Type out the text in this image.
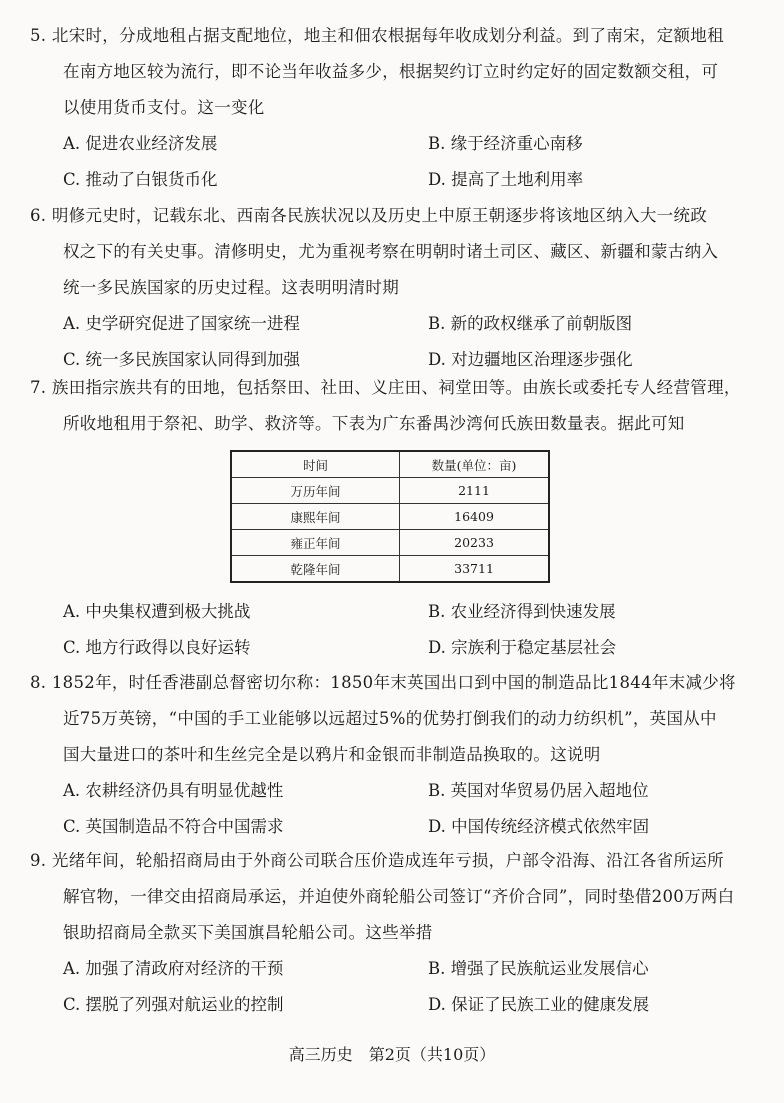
5. 北宋时，分成地租占据支配地位，地主和佃农根据每年收成划分利益。到了南宋，定额地租
在南方地区较为流行，即不论当年收益多少，根据契约订立时约定好的固定数额交租，可
以使用货币支付。这一变化
A. 促进农业经济发展	B. 缘于经济重心南移
C. 推动了白银货币化	D. 提高了土地利用率
6. 明修元史时，记载东北、西南各民族状况以及历史上中原王朝逐步将该地区纳入大一统政
权之下的有关史事。清修明史，尤为重视考察在明朝时诸土司区、藏区、新疆和蒙古纳入
统一多民族国家的历史过程。这表明明清时期
A. 史学研究促进了国家统一进程	B. 新的政权继承了前朝版图
C. 统一多民族国家认同得到加强	D. 对边疆地区治理逐步强化
7. 族田指宗族共有的田地，包括祭田、社田、义庄田、祠堂田等。由族长或委托专人经营管理，
所收地租用于祭祀、助学、救济等。下表为广东番禺沙湾何氏族田数量表。据此可知
时间	数量(单位：亩)
万历年间	2111
康熙年间	16409
雍正年间	20233
乾隆年间	33711
A. 中央集权遭到极大挑战	B. 农业经济得到快速发展
C. 地方行政得以良好运转	D. 宗族利于稳定基层社会
8. 1852年，时任香港副总督密切尔称：1850年末英国出口到中国的制造品比1844年末减少将
近75万英镑，“中国的手工业能够以远超过5%的优势打倒我们的动力纺织机”，英国从中
国大量进口的茶叶和生丝完全是以鸦片和金银而非制造品换取的。这说明
A. 农耕经济仍具有明显优越性	B. 英国对华贸易仍居入超地位
C. 英国制造品不符合中国需求	D. 中国传统经济模式依然牢固
9. 光绪年间，轮船招商局由于外商公司联合压价造成连年亏损，户部令沿海、沿江各省所运所
解官物，一律交由招商局承运，并迫使外商轮船公司签订“齐价合同”，同时垫借200万两白
银助招商局全款买下美国旗昌轮船公司。这些举措
A. 加强了清政府对经济的干预	B. 增强了民族航运业发展信心
C. 摆脱了列强对航运业的控制	D. 保证了民族工业的健康发展
高三历史　第2页（共10页）
